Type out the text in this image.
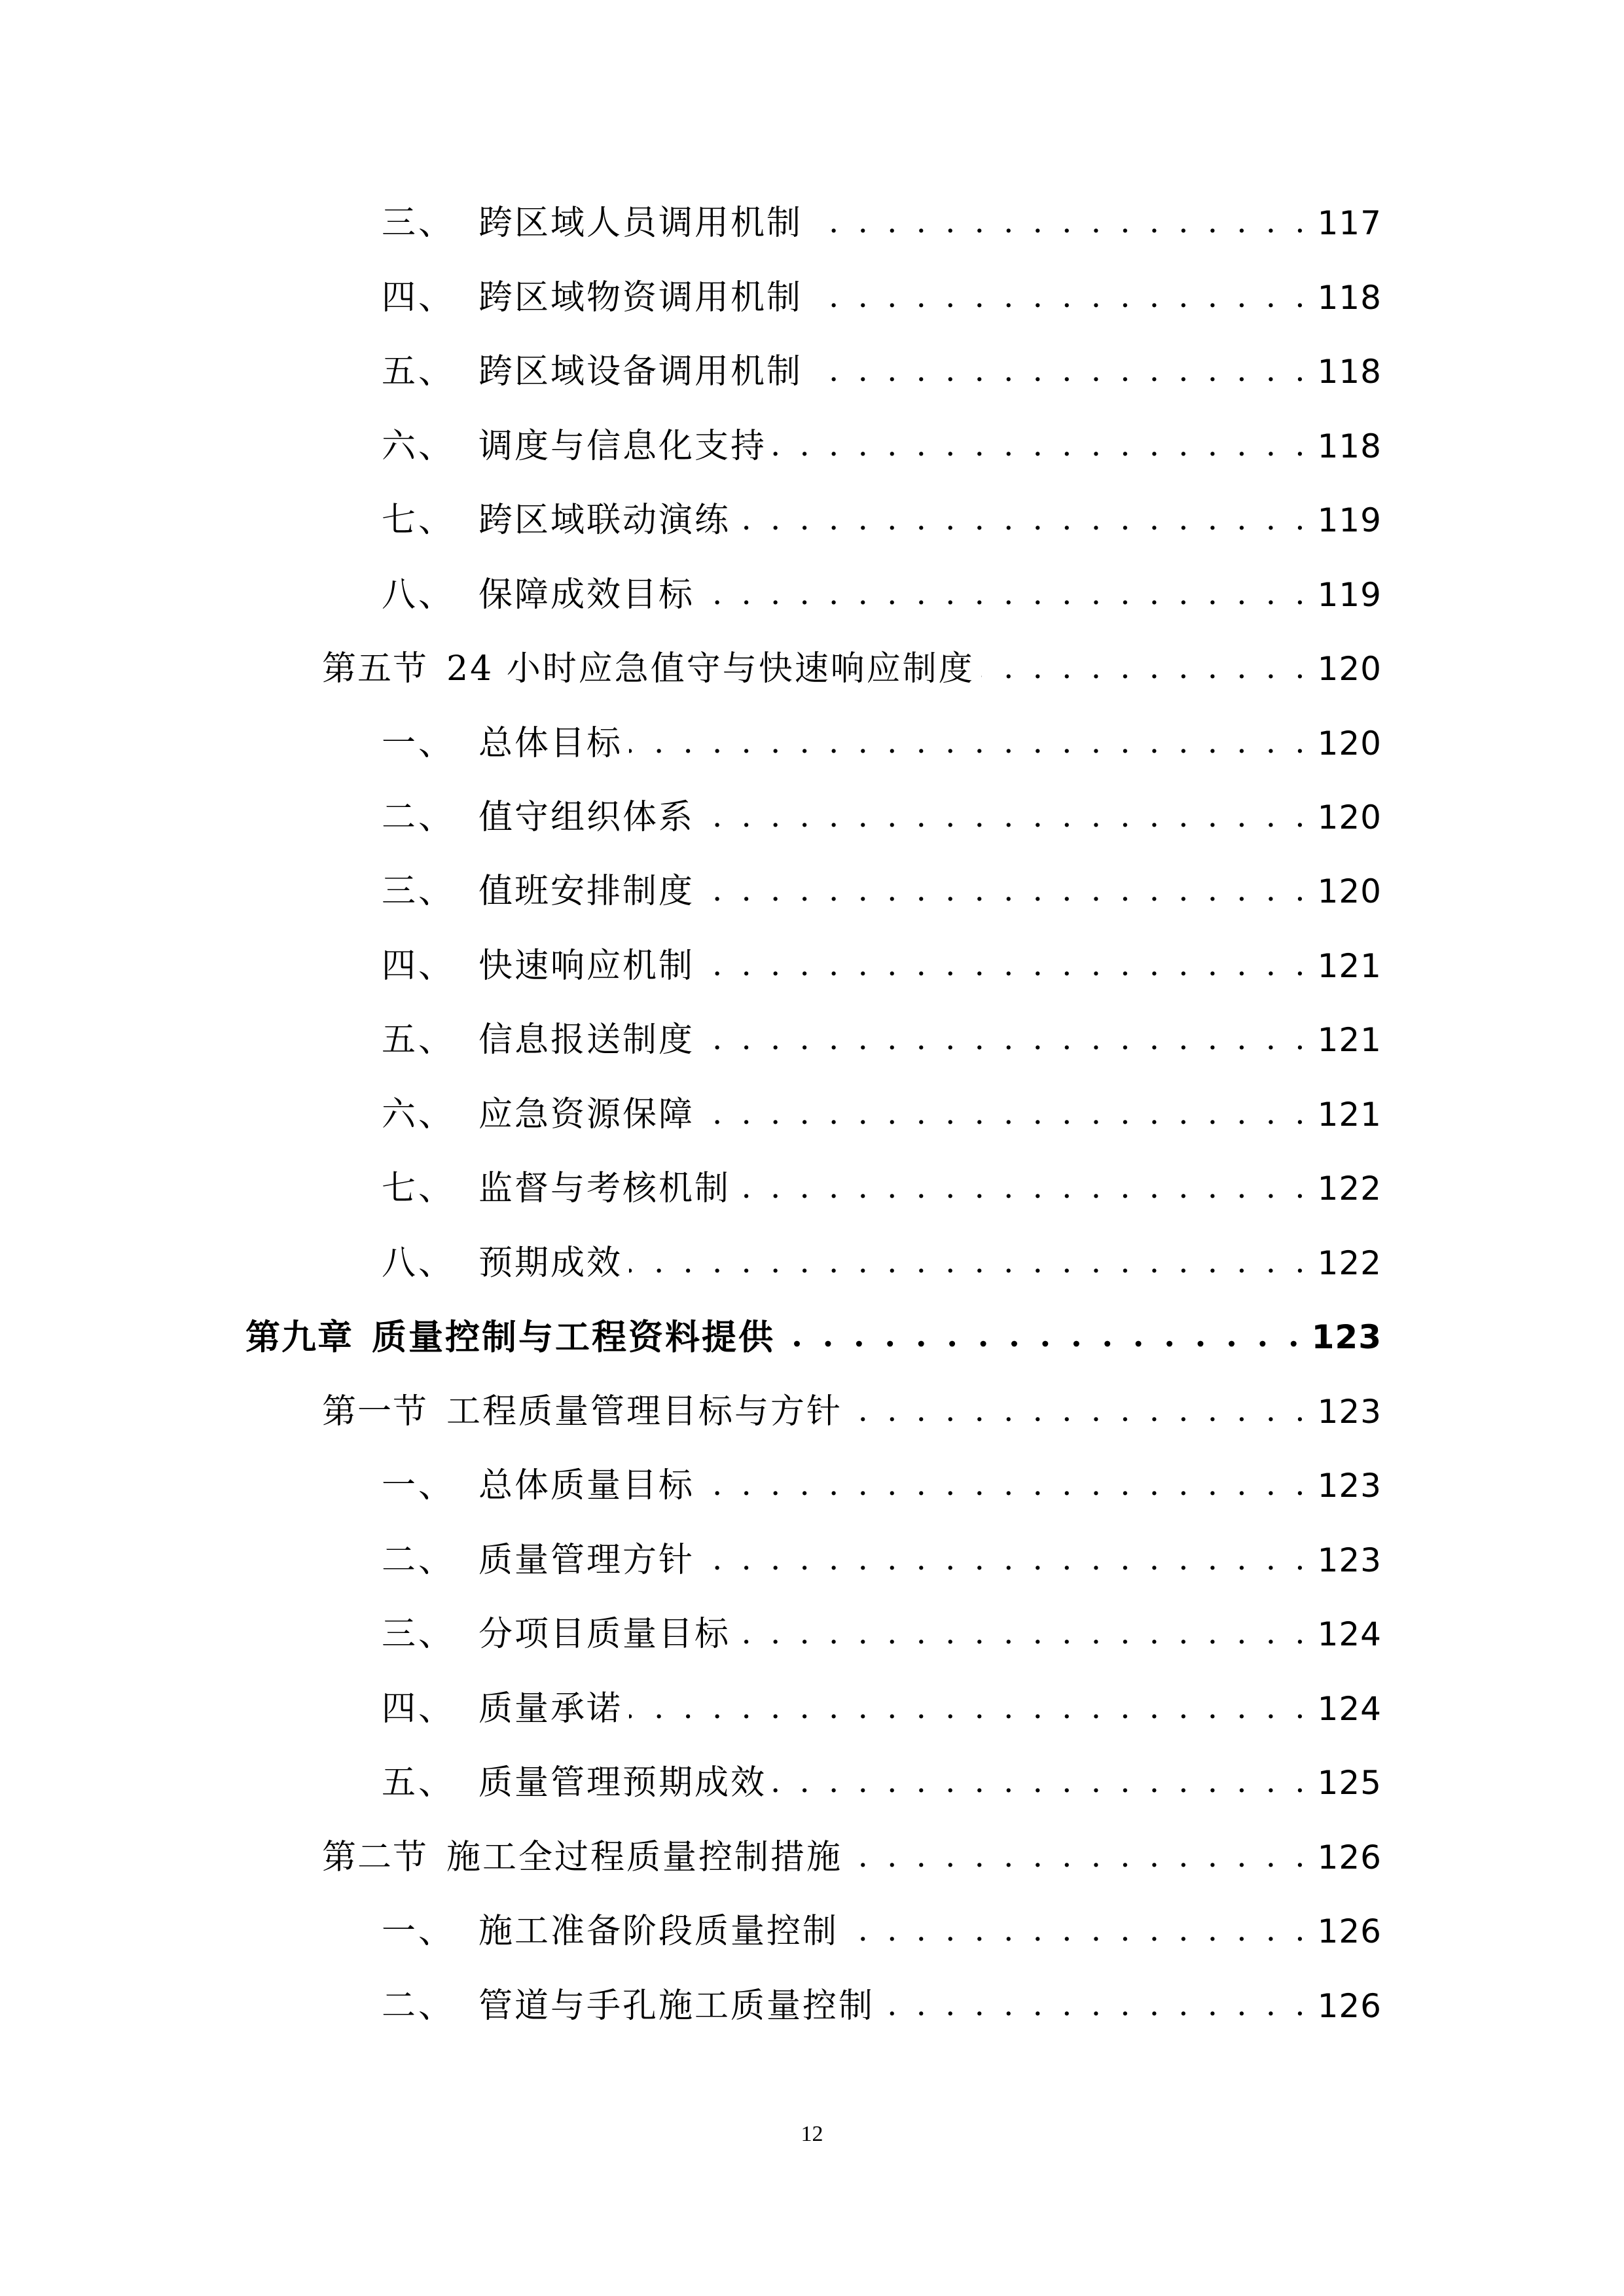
三、 跨区域人员调用机制 . . .	117
四、 跨区域物资调用机制 . . .	118
五、 跨区域设备调用机制 . . .	118
六、 调度与信息化支持 . . .	118
七、 跨区域联动演练 . . .	119
八、 保障成效目标 . . .	119
第五节 24 小时应急值守与快速响应制度 . . .	120
一、 总体目标 . . .	120
二、 值守组织体系 . . .	120
三、 值班安排制度 . . .	120
四、 快速响应机制 . . .	121
五、 信息报送制度 . . .	121
六、 应急资源保障 . . .	121
七、 监督与考核机制 . . .	122
八、 预期成效 . . .	122
第九章 质量控制与工程资料提供 . . .	123
第一节 工程质量管理目标与方针 . . .	123
一、 总体质量目标 . . .	123
二、 质量管理方针 . . .	123
三、 分项目质量目标 . . .	124
四、 质量承诺 . . .	124
五、 质量管理预期成效 . . .	125
第二节 施工全过程质量控制措施 . . .	126
一、 施工准备阶段质量控制 . . .	126
二、 管道与手孔施工质量控制 . . .	126
12
